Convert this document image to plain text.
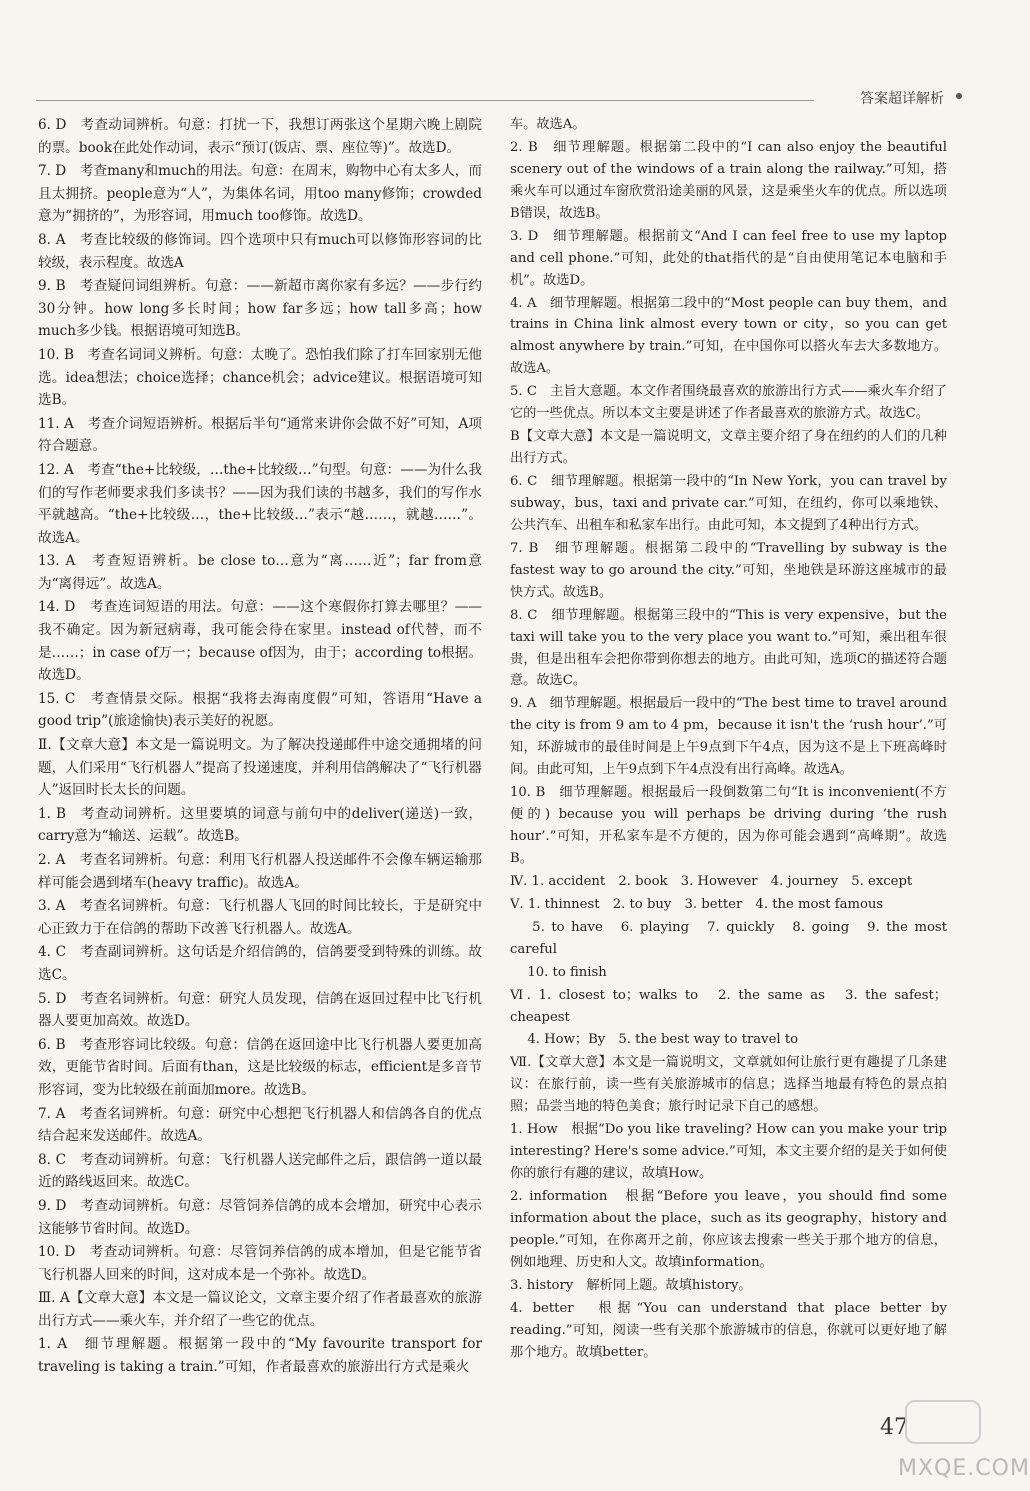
答案超详解析
6. D　考查动词辨析。句意：打扰一下，我想订两张这个星期六晚上剧院的票。book在此处作动词，表示“预订(饭店、票、座位等)”。故选D。
7. D　考查many和much的用法。句意：在周末，购物中心有太多人，而且太拥挤。people意为“人”，为集体名词，用too many修饰；crowded意为“拥挤的”，为形容词，用much too修饰。故选D。
8. A　考查比较级的修饰词。四个选项中只有much可以修饰形容词的比较级，表示程度。故选A
9. B　考查疑问词组辨析。句意：——新超市离你家有多远？——步行约30分钟。how long多长时间；how far多远；how tall多高；how much多少钱。根据语境可知选B。
10. B　考查名词词义辨析。句意：太晚了。恐怕我们除了打车回家别无他选。idea想法；choice选择；chance机会；advice建议。根据语境可知选B。
11. A　考查介词短语辨析。根据后半句“通常来讲你会做不好”可知，A项符合题意。
12. A　考查“the+比较级，…the+比较级…”句型。句意：——为什么我们的写作老师要求我们多读书？——因为我们读的书越多，我们的写作水平就越高。“the+比较级…，the+比较级…”表示“越……，就越……”。故选A。
13. A　考查短语辨析。be close to…意为“离……近”；far from意为“离得远”。故选A。
14. D　考查连词短语的用法。句意：——这个寒假你打算去哪里？——我不确定。因为新冠病毒，我可能会待在家里。instead of代替，而不是……；in case of万一；because of因为，由于；according to根据。故选D。
15. C　考查情景交际。根据“我将去海南度假”可知，答语用“Have a good trip”(旅途愉快)表示美好的祝愿。
Ⅱ.【文章大意】本文是一篇说明文。为了解决投递邮件中途交通拥堵的问题，人们采用“飞行机器人”提高了投递速度，并利用信鸽解决了“飞行机器人”返回时长太长的问题。
1. B　考查动词辨析。这里要填的词意与前句中的deliver(递送)一致，carry意为“输送、运载”。故选B。
2. A　考查名词辨析。句意：利用飞行机器人投送邮件不会像车辆运输那样可能会遇到堵车(heavy traffic)。故选A。
3. A　考查名词辨析。句意：飞行机器人飞回的时间比较长，于是研究中心正致力于在信鸽的帮助下改善飞行机器人。故选A。
4. C　考查副词辨析。这句话是介绍信鸽的，信鸽要受到特殊的训练。故选C。
5. D　考查名词辨析。句意：研究人员发现，信鸽在返回过程中比飞行机器人要更加高效。故选D。
6. B　考查形容词比较级。句意：信鸽在返回途中比飞行机器人要更加高效，更能节省时间。后面有than，这是比较级的标志，efficient是多音节形容词，变为比较级在前面加more。故选B。
7. A　考查名词辨析。句意：研究中心想把飞行机器人和信鸽各自的优点结合起来发送邮件。故选A。
8. C　考查动词辨析。句意：飞行机器人送完邮件之后，跟信鸽一道以最近的路线返回来。故选C。
9. D　考查动词辨析。句意：尽管饲养信鸽的成本会增加，研究中心表示这能够节省时间。故选D。
10. D　考查动词辨析。句意：尽管饲养信鸽的成本增加，但是它能节省飞行机器人回来的时间，这对成本是一个弥补。故选D。
Ⅲ. A【文章大意】本文是一篇议论文，文章主要介绍了作者最喜欢的旅游出行方式——乘火车，并介绍了一些它的优点。
1. A　细节理解题。根据第一段中的“My favourite transport for traveling is taking a train.”可知，作者最喜欢的旅游出行方式是乘火
车。故选A。
2. B　细节理解题。根据第二段中的“I can also enjoy the beautiful scenery out of the windows of a train along the railway.”可知，搭乘火车可以通过车窗欣赏沿途美丽的风景，这是乘坐火车的优点。所以选项B错误，故选B。
3. D　细节理解题。根据前文“And I can feel free to use my laptop and cell phone.”可知，此处的that指代的是“自由使用笔记本电脑和手机”。故选D。
4. A　细节理解题。根据第二段中的“Most people can buy them，and trains in China link almost every town or city，so you can get almost anywhere by train.”可知，在中国你可以搭火车去大多数地方。故选A。
5. C　主旨大意题。本文作者围绕最喜欢的旅游出行方式——乘火车介绍了它的一些优点。所以本文主要是讲述了作者最喜欢的旅游方式。故选C。
B【文章大意】本文是一篇说明文，文章主要介绍了身在纽约的人们的几种出行方式。
6. C　细节理解题。根据第一段中的“In New York，you can travel by subway，bus，taxi and private car.”可知，在纽约，你可以乘地铁、公共汽车、出租车和私家车出行。由此可知，本文提到了4种出行方式。
7. B　细节理解题。根据第二段中的“Travelling by subway is the fastest way to go around the city.”可知，坐地铁是环游这座城市的最快方式。故选B。
8. C　细节理解题。根据第三段中的“This is very expensive，but the taxi will take you to the very place you want to.”可知，乘出租车很贵，但是出租车会把你带到你想去的地方。由此可知，选项C的描述符合题意。故选C。
9. A　细节理解题。根据最后一段中的“The best time to travel around the city is from 9 am to 4 pm，because it isn't the ‘rush hour’.”可知，环游城市的最佳时间是上午9点到下午4点，因为这不是上下班高峰时间。由此可知，上午9点到下午4点没有出行高峰。故选A。
10. B　细节理解题。根据最后一段倒数第二句“It is inconvenient(不方便的) because you will perhaps be driving during ‘the rush hour’.”可知，开私家车是不方便的，因为你可能会遇到“高峰期”。故选B。
Ⅳ. 1. accident　2. book　3. However　4. journey　5. except
Ⅴ. 1. thinnest　2. to buy　3. better　4. the most famous
　 5. to have　6. playing　7. quickly　8. going　9. the most careful
　 10. to finish
Ⅵ. 1. closest to；walks to　2. the same as　3. the safest；cheapest
　 4. How；By　5. the best way to travel to
Ⅶ.【文章大意】本文是一篇说明文，文章就如何让旅行更有趣提了几条建议：在旅行前，读一些有关旅游城市的信息；选择当地最有特色的景点拍照；品尝当地的特色美食；旅行时记录下自己的感想。
1. How　根据“Do you like traveling? How can you make your trip interesting? Here's some advice.”可知，本文主要介绍的是关于如何使你的旅行有趣的建议，故填How。
2. information　根据“Before you leave，you should find some information about the place，such as its geography，history and people.”可知，在你离开之前，你应该去搜索一些关于那个地方的信息，例如地理、历史和人文。故填information。
3. history　解析同上题。故填history。
4. better　根据“You can understand that place better by reading.”可知，阅读一些有关那个旅游城市的信息，你就可以更好地了解那个地方。故填better。
47
MXQE.COM
